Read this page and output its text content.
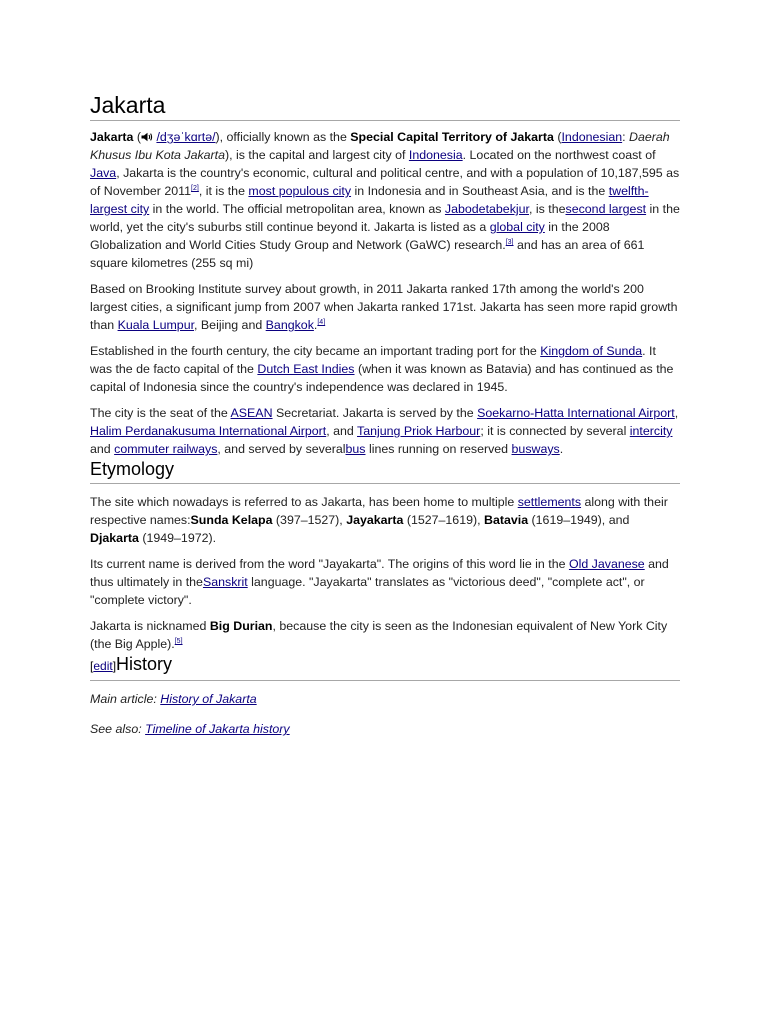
Jakarta

Jakarta ( /dʒəˈkɑrtə/), officially known as the Special Capital Territory of Jakarta (Indonesian: Daerah Khusus Ibu Kota Jakarta), is the capital and largest city of Indonesia. Located on the northwest coast of Java, Jakarta is the country's economic, cultural and political centre, and with a population of 10,187,595 as of November 2011[2], it is the most populous city in Indonesia and in Southeast Asia, and is the twelfth-largest city in the world. The official metropolitan area, known as Jabodetabekjur, is thesecond largest in the world, yet the city's suburbs still continue beyond it. Jakarta is listed as a global city in the 2008 Globalization and World Cities Study Group and Network (GaWC) research.[3] and has an area of 661 square kilometres (255 sq mi)

Based on Brooking Institute survey about growth, in 2011 Jakarta ranked 17th among the world's 200 largest cities, a significant jump from 2007 when Jakarta ranked 171st. Jakarta has seen more rapid growth than Kuala Lumpur, Beijing and Bangkok.[4]

Established in the fourth century, the city became an important trading port for the Kingdom of Sunda. It was the de facto capital of the Dutch East Indies (when it was known as Batavia) and has continued as the capital of Indonesia since the country's independence was declared in 1945.

The city is the seat of the ASEAN Secretariat. Jakarta is served by the Soekarno-Hatta International Airport, Halim Perdanakusuma International Airport, and Tanjung Priok Harbour; it is connected by several intercity and commuter railways, and served by severalbus lines running on reserved busways.

Etymology

The site which nowadays is referred to as Jakarta, has been home to multiple settlements along with their respective names:Sunda Kelapa (397–1527), Jayakarta (1527–1619), Batavia (1619–1949), and Djakarta (1949–1972).

Its current name is derived from the word "Jayakarta". The origins of this word lie in the Old Javanese and thus ultimately in theSanskrit language. "Jayakarta" translates as "victorious deed", "complete act", or "complete victory".

Jakarta is nicknamed Big Durian, because the city is seen as the Indonesian equivalent of New York City (the Big Apple).[5]

[edit]History

Main article: History of Jakarta

See also: Timeline of Jakarta history
